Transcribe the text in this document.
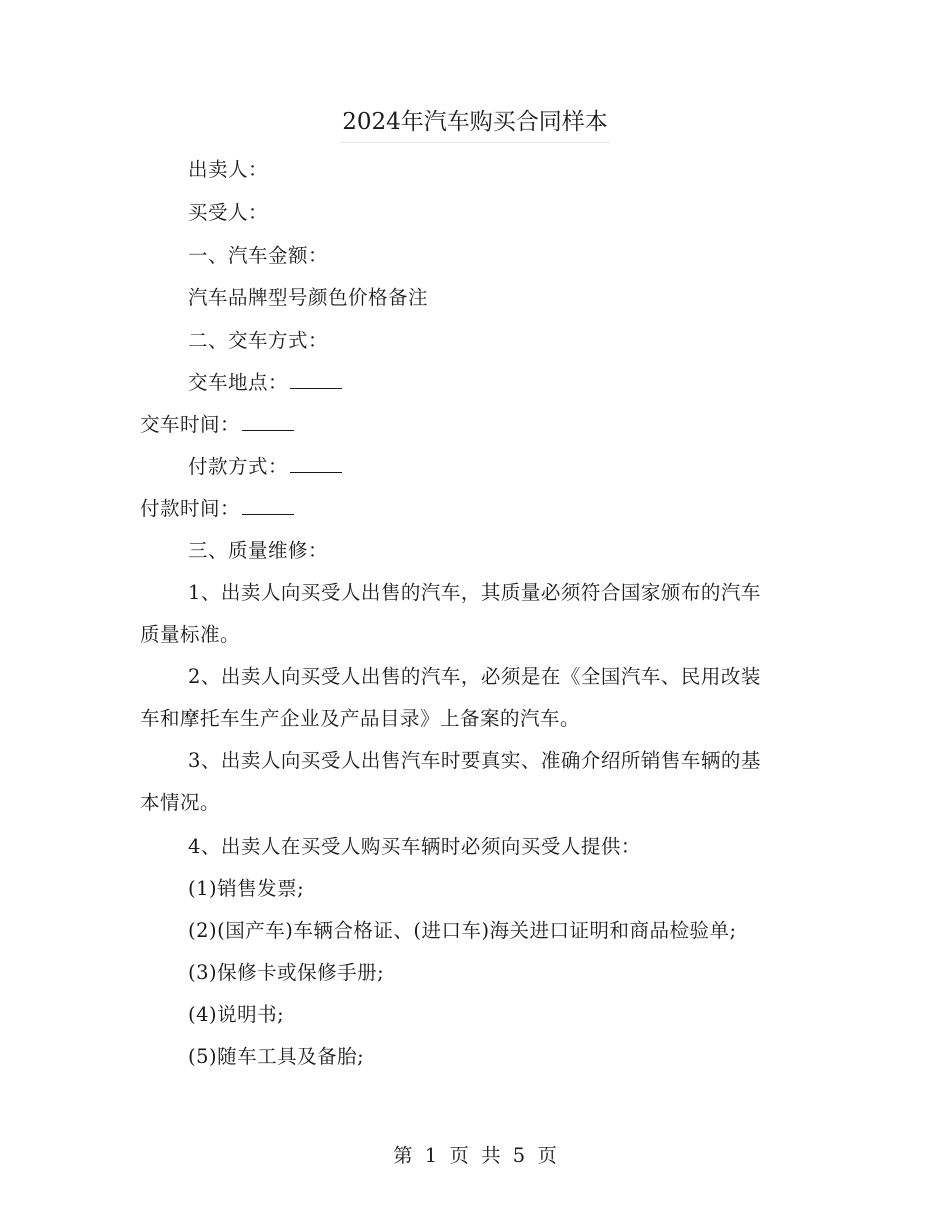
2024年汽车购买合同样本
出卖人：
买受人：
一、汽车金额：
汽车品牌型号颜色价格备注
二、交车方式：
交车地点：
交车时间：
付款方式：
付款时间：
三、质量维修：
1、出卖人向买受人出售的汽车，其质量必须符合国家颁布的汽车
质量标准。
2、出卖人向买受人出售的汽车，必须是在《全国汽车、民用改装
车和摩托车生产企业及产品目录》上备案的汽车。
3、出卖人向买受人出售汽车时要真实、准确介绍所销售车辆的基
本情况。
4、出卖人在买受人购买车辆时必须向买受人提供：
(1)销售发票;
(2)(国产车)车辆合格证、(进口车)海关进口证明和商品检验单;
(3)保修卡或保修手册;
(4)说明书;
(5)随车工具及备胎;
第 1 页 共 5 页
